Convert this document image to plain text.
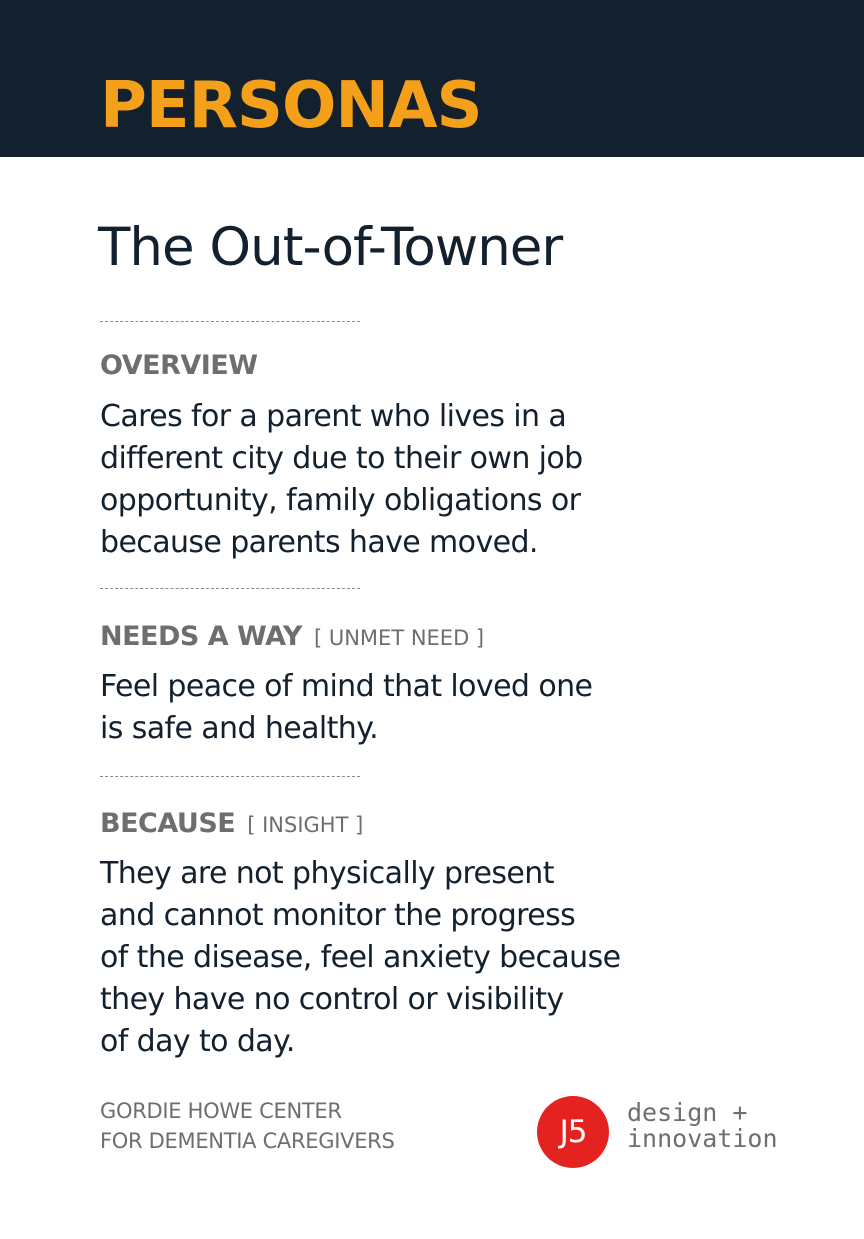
PERSONAS
The Out-of-Towner
OVERVIEW
Cares for a parent who lives in a
different city due to their own job
opportunity, family obligations or
because parents have moved.
NEEDS A WAY [ UNMET NEED ]
Feel peace of mind that loved one
is safe and healthy.
BECAUSE [ INSIGHT ]
They are not physically present
and cannot monitor the progress
of the disease, feel anxiety because
they have no control or visibility
of day to day.
GORDIE HOWE CENTER
FOR DEMENTIA CAREGIVERS	J5
design +
innovation
